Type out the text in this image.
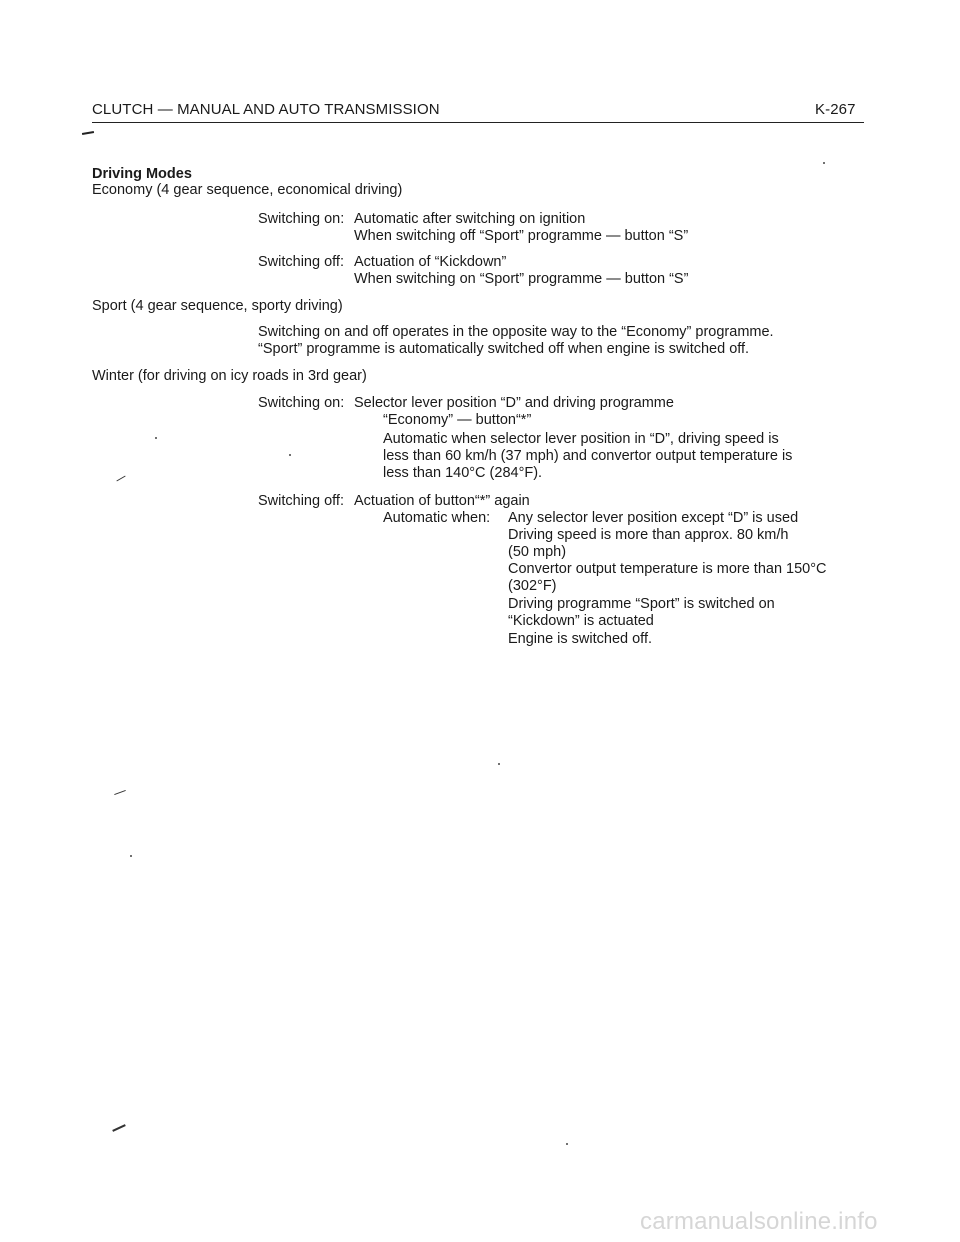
CLUTCH — MANUAL AND AUTO TRANSMISSION	K-267
Driving Modes
Economy (4 gear sequence, economical driving)
Switching on: Automatic after switching on ignition
When switching off “Sport” programme — button “S”
Switching off: Actuation of “Kickdown”
When switching on “Sport” programme — button “S”
Sport (4 gear sequence, sporty driving)
Switching on and off operates in the opposite way to the “Economy” programme.
“Sport” programme is automatically switched off when engine is switched off.
Winter (for driving on icy roads in 3rd gear)
Switching on: Selector lever position “D” and driving programme
“Economy” — button“*”
Automatic when selector lever position in “D”, driving speed is
less than 60 km/h (37 mph) and convertor output temperature is
less than 140°C (284°F).
Switching off: Actuation of button“*” again
Automatic when: Any selector lever position except “D” is used
Driving speed is more than approx. 80 km/h
(50 mph)
Convertor output temperature is more than 150°C
(302°F)
Driving programme “Sport” is switched on
“Kickdown” is actuated
Engine is switched off.
carmanualsonline.info
